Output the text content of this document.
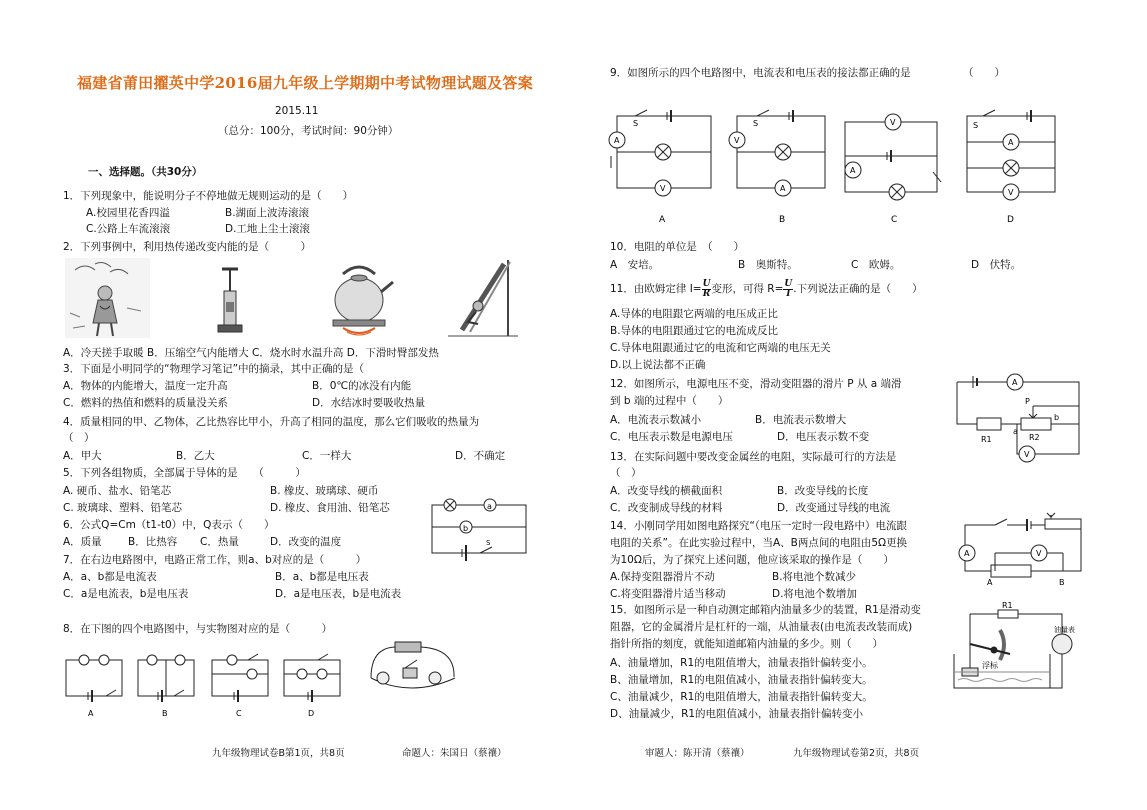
福建省莆田擢英中学2016届九年级上学期期中考试物理试题及答案
2015.11
（总分：100分，考试时间：90分钟）
一、选择题。（共30分）
1．下列现象中，能说明分子不停地做无规则运动的是（　　）
A.校园里花香四溢	B.湖面上波涛滚滚
C.公路上车流滚滚	D.工地上尘土滚滚
2．下列事例中，利用热传递改变内能的是（　　　）
A．冷天搓手取暖 B．压缩空气内能增大 C．烧水时水温升高 D．下滑时臀部发热
3．下面是小明同学的“物理学习笔记”中的摘录，其中正确的是（
A．物体的内能增大，温度一定升高	B．0℃的冰没有内能
C．燃料的热值和燃料的质量没关系	D．水结冰时要吸收热量
4．质量相同的甲、乙物体，乙比热容比甲小，升高了相同的温度，那么它们吸收的热量为
（　）
A．甲大	B．乙大	C．一样大	D．不确定
5．下列各组物质，全部属于导体的是　　（　　　）
A. 硬币、盐水、铅笔芯	B. 橡皮、玻璃球、硬币
C. 玻璃球、塑料、铅笔芯	D. 橡皮、食用油、铅笔芯
6．公式Q=Cm（t1-t0）中，Q表示（　　）
A．质量	B．比热容 C．热量	D．改变的温度
7．在右边电路图中，电路正常工作，则a、b对应的是（　　　）
A．a、b都是电流表	B．a、b都是电压表
C．a是电流表，b是电压表	D．a是电压表，b是电流表
a
b
S
8．在下图的四个电路图中，与实物图对应的是（　　　）
A	B	C	D
九年级物理试卷B第1页，共8页	命题人：朱国日（蔡禳）
9．如图所示的四个电路图中，电流表和电压表的接法都正确的是	（　　）
A
V
S
V
A
S	V
A
A
V
S
A	B	C	D
10．电阻的单位是　（　　）
A　安培。	B　奥斯特。	C　欧姆。	D　伏特。
11．由欧姆定律 $I= \frac{U}{R}$ 变形，可得 $R= \frac{U}{I}$ .下列说法正确的是（　　）
A.导体的电阻跟它两端的电压成正比
B.导体的电阻跟通过它的电流成反比
C.导体电阻跟通过它的电流和它两端的电压无关
D.以上说法都不正确
12．如图所示，电源电压不变，滑动变阻器的滑片 P 从 a 端滑
到 b 端的过程中（　　）
A．电流表示数减小	B．电流表示数增大
C．电压表示数是电源电压	D．电压表示数不变
A
V
R1	R2
P
a
b
13．在实际问题中要改变金属丝的电阻，实际最可行的方法是
（　）
A．改变导线的横截面积	B．改变导线的长度
C．改变制成导线的材料	D．改变通过导线的电流
14．小刚同学用如图电路探究“（电压一定时一段电路中）电流跟
电阻的关系”。在此实验过程中，当A、B两点间的电阻由5Ω更换
为10Ω后，为了探究上述问题，他应该采取的操作是（　　）
A.保持变阻器滑片不动	B.将电池个数减少
C.将变阻器滑片适当移动	D.将电池个数增加
A	V
A	B
15．如图所示是一种自动测定邮箱内油量多少的装置，R1是滑动变
阻器，它的金属滑片是杠杆的一端，从油量表(由电流表改装而成)
指针所指的刻度，就能知道邮箱内油量的多少。则（　　）
A、油量增加，R1的电阻值增大，油量表指针偏转变小。
B、油量增加，R1的电阻值减小，油量表指针偏转变大。
C、油量减少，R1的电阻值增大，油量表指针偏转变大。
D、油量减少，R1的电阻值减小，油量表指针偏转变小
R1
浮标
油量表
审题人：陈开清（蔡禳）	九年级物理试卷第2页，共8页
